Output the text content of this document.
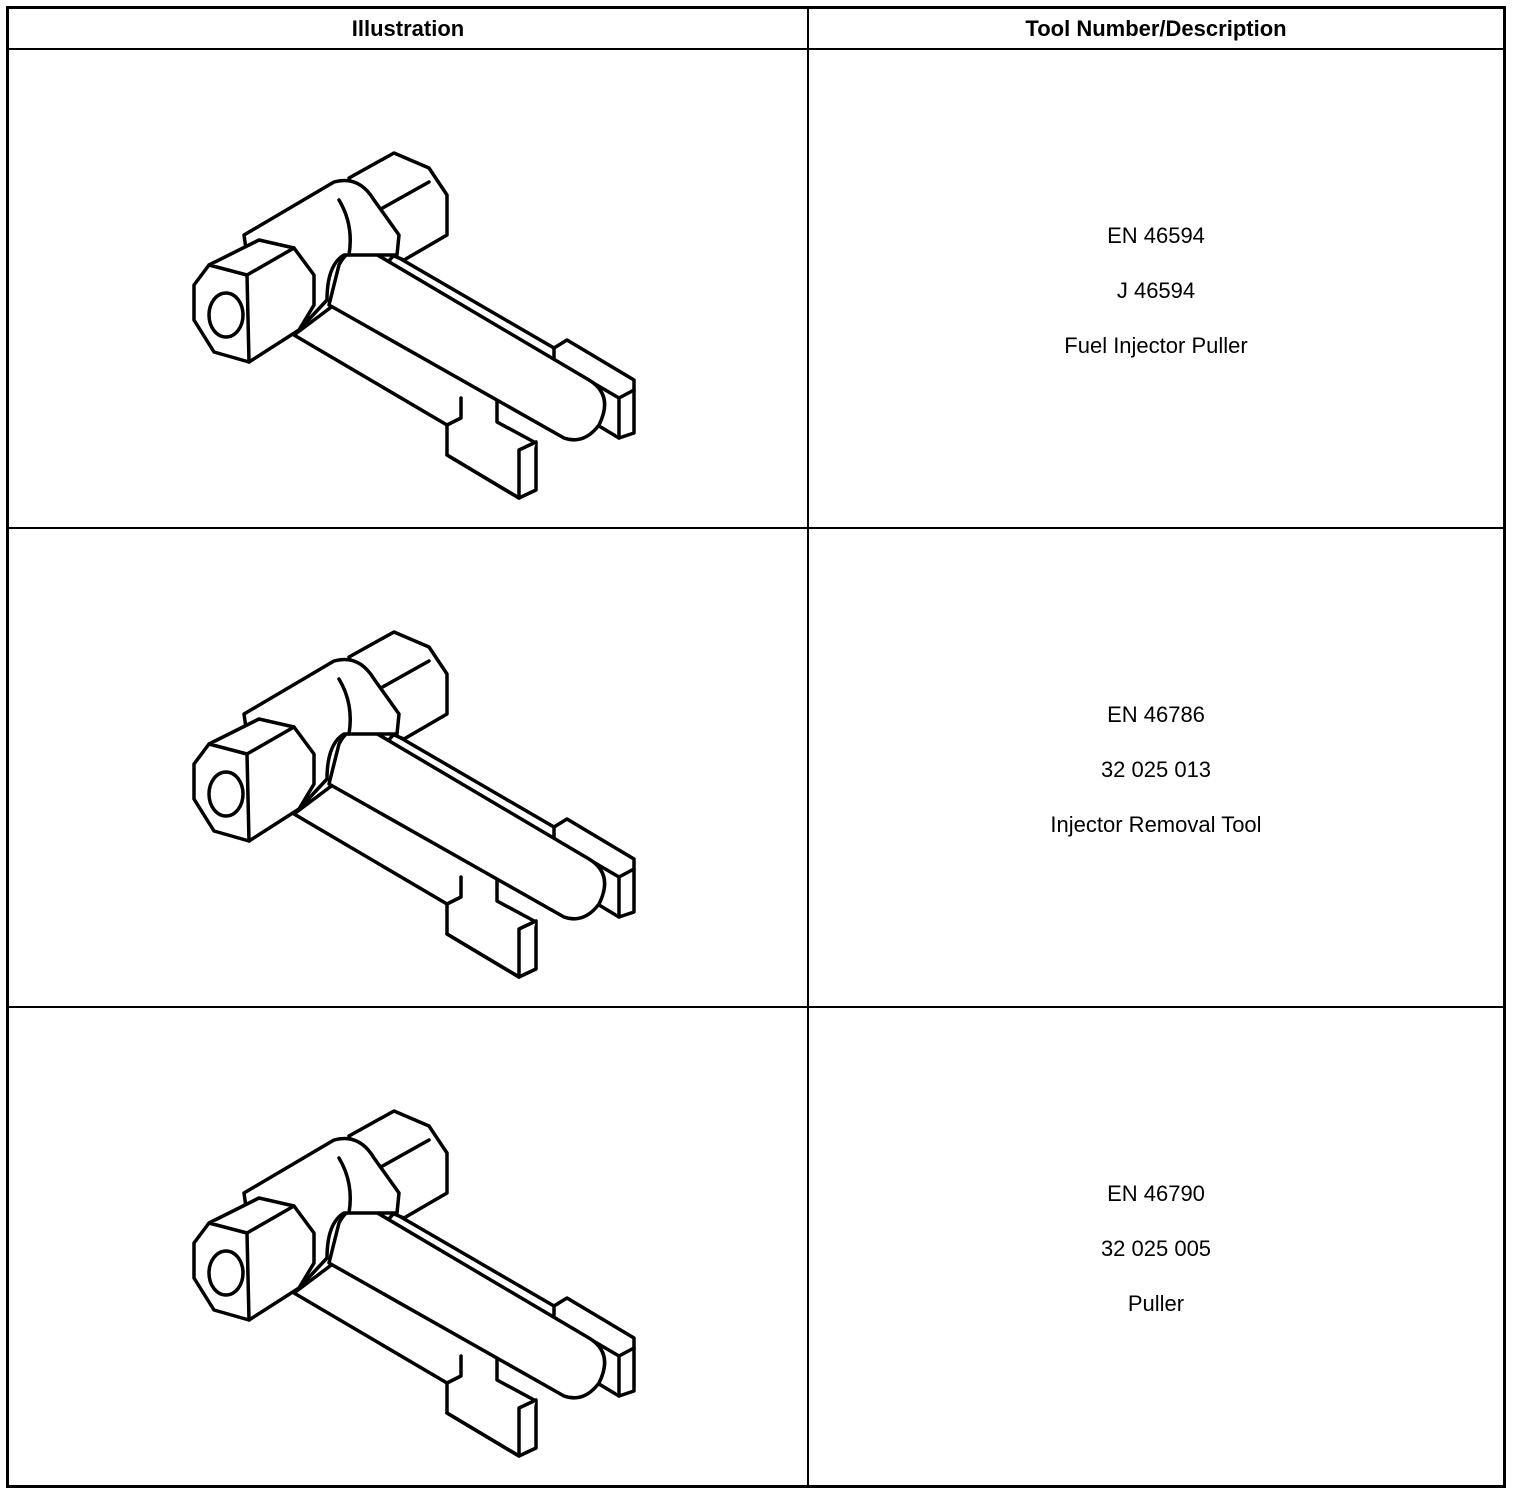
Illustration	Tool Number/Description

EN 46594
J 46594
Fuel Injector Puller

EN 46786
32 025 013
Injector Removal Tool

EN 46790
32 025 005
Puller
